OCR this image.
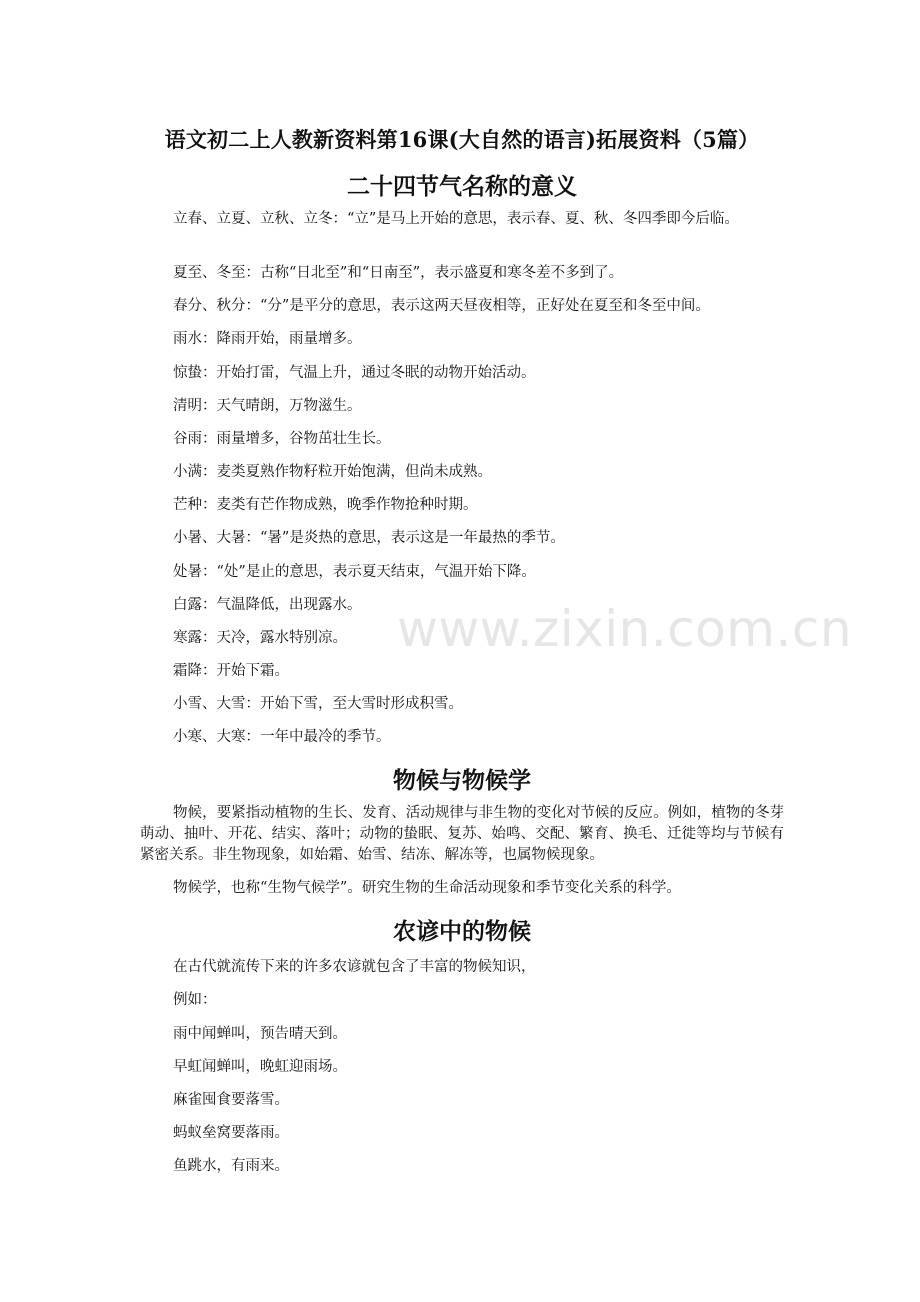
www.zixin.com.cn
语文初二上人教新资料第16课(大自然的语言)拓展资料（5篇）
二十四节气名称的意义

立春、立夏、立秋、立冬：“立”是马上开始的意思，表示春、夏、秋、冬四季即今后临。

夏至、冬至：古称“日北至”和“日南至”，表示盛夏和寒冬差不多到了。

春分、秋分：“分”是平分的意思，表示这两天昼夜相等，正好处在夏至和冬至中间。

雨水：降雨开始，雨量增多。

惊蛰：开始打雷，气温上升，通过冬眠的动物开始活动。

清明：天气晴朗，万物滋生。

谷雨：雨量增多，谷物茁壮生长。

小满：麦类夏熟作物籽粒开始饱满，但尚未成熟。

芒种：麦类有芒作物成熟，晚季作物抢种时期。

小暑、大暑：“暑”是炎热的意思，表示这是一年最热的季节。

处暑：“处”是止的意思，表示夏天结束，气温开始下降。

白露：气温降低，出现露水。

寒露：天冷，露水特别凉。

霜降：开始下霜。

小雪、大雪：开始下雪，至大雪时形成积雪。

小寒、大寒：一年中最冷的季节。

物候与物候学

物候，要紧指动植物的生长、发育、活动规律与非生物的变化对节候的反应。例如，植物的冬芽萌动、抽叶、开花、结实、落叶；动物的蛰眠、复苏、始鸣、交配、繁育、换毛、迁徙等均与节候有紧密关系。非生物现象，如始霜、始雪、结冻、解冻等，也属物候现象。

物候学，也称“生物气候学”。研究生物的生命活动现象和季节变化关系的科学。

农谚中的物候

在古代就流传下来的许多农谚就包含了丰富的物候知识，

例如：

雨中闻蝉叫，预告晴天到。

早虹闻蝉叫，晚虹迎雨场。

麻雀囤食要落雪。

蚂蚁垒窝要落雨。

鱼跳水，有雨来。
